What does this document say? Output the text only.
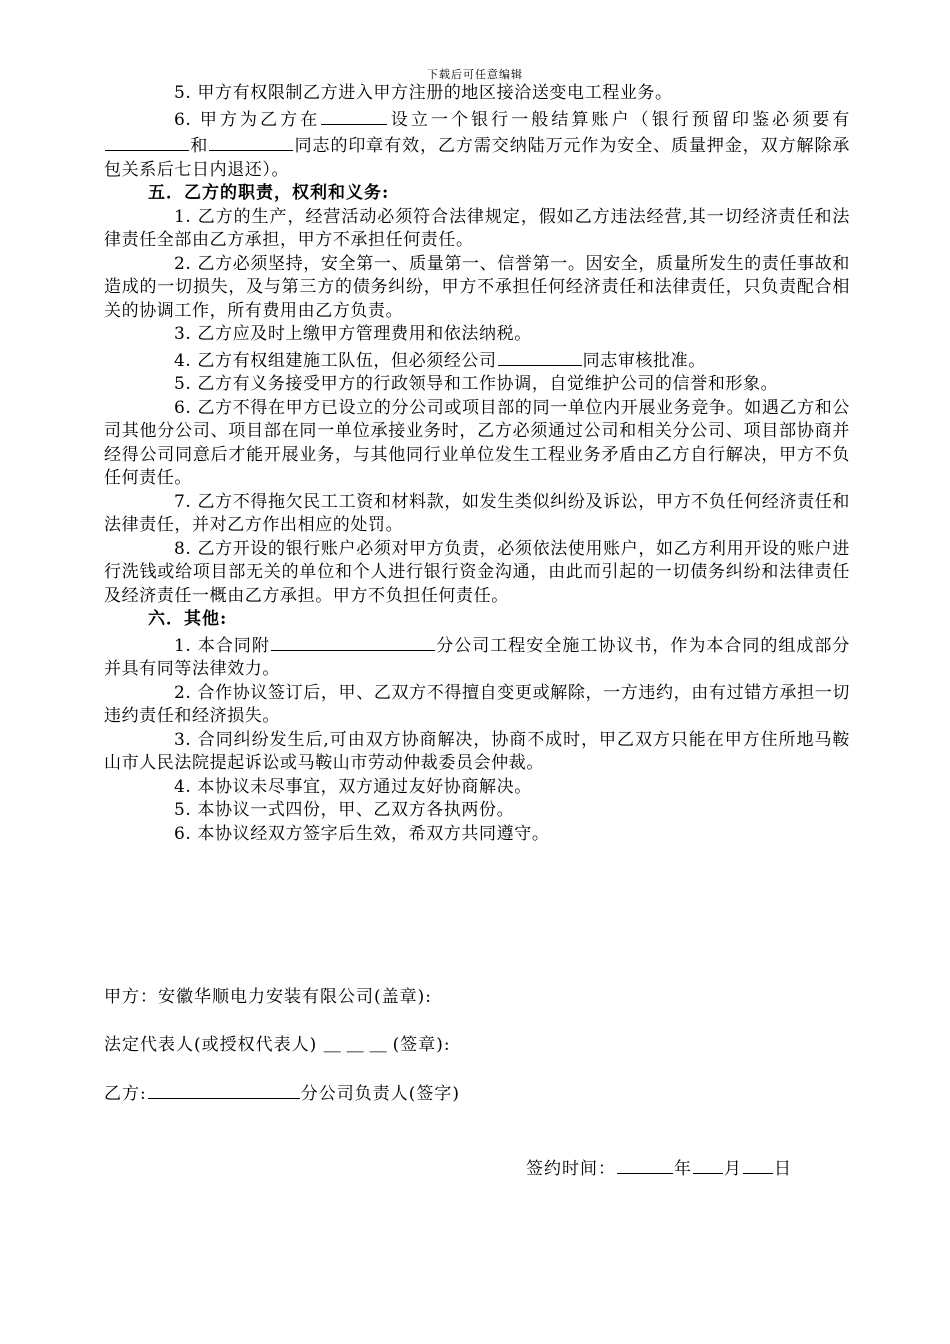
下载后可任意编辑

5. 甲方有权限制乙方进入甲方注册的地区接洽送变电工程业务。

6. 甲方为乙方在	设立一个银行一般结算账户（银行预留印鉴必须要有和	同志的印章有效，乙方需交纳陆万元作为安全、质量押金，双方解除承包关系后七日内退还）。

五．乙方的职责，权利和义务:

1. 乙方的生产，经营活动必须符合法律规定，假如乙方违法经营,其一切经济责任和法律责任全部由乙方承担，甲方不承担任何责任。

2. 乙方必须坚持，安全第一、质量第一、信誉第一。因安全，质量所发生的责任事故和造成的一切损失，及与第三方的债务纠纷，甲方不承担任何经济责任和法律责任，只负责配合相关的协调工作，所有费用由乙方负责。

3. 乙方应及时上缴甲方管理费用和依法纳税。

4. 乙方有权组建施工队伍，但必须经公司	同志审核批准。

5. 乙方有义务接受甲方的行政领导和工作协调，自觉维护公司的信誉和形象。

6. 乙方不得在甲方已设立的分公司或项目部的同一单位内开展业务竞争。如遇乙方和公司其他分公司、项目部在同一单位承接业务时，乙方必须通过公司和相关分公司、项目部协商并经得公司同意后才能开展业务，与其他同行业单位发生工程业务矛盾由乙方自行解决，甲方不负任何责任。

7. 乙方不得拖欠民工工资和材料款，如发生类似纠纷及诉讼，甲方不负任何经济责任和法律责任，并对乙方作出相应的处罚。

8. 乙方开设的银行账户必须对甲方负责，必须依法使用账户，如乙方利用开设的账户进行洗钱或给项目部无关的单位和个人进行银行资金沟通，由此而引起的一切债务纠纷和法律责任及经济责任一概由乙方承担。甲方不负担任何责任。

六．其他:

1. 本合同附	分公司工程安全施工协议书，作为本合同的组成部分并具有同等法律效力。

2. 合作协议签订后，甲、乙双方不得擅自变更或解除，一方违约，由有过错方承担一切违约责任和经济损失。

3. 合同纠纷发生后,可由双方协商解决，协商不成时，甲乙双方只能在甲方住所地马鞍山市人民法院提起诉讼或马鞍山市劳动仲裁委员会仲裁。

4. 本协议未尽事宜，双方通过友好协商解决。

5. 本协议一式四份，甲、乙双方各执两份。

6. 本协议经双方签字后生效，希双方共同遵守。

甲方：安徽华顺电力安装有限公司(盖章):
法定代表人(或授权代表人) ＿＿＿(签章):
乙方:	分公司负责人(签字)
签约时间：	年 月 日
